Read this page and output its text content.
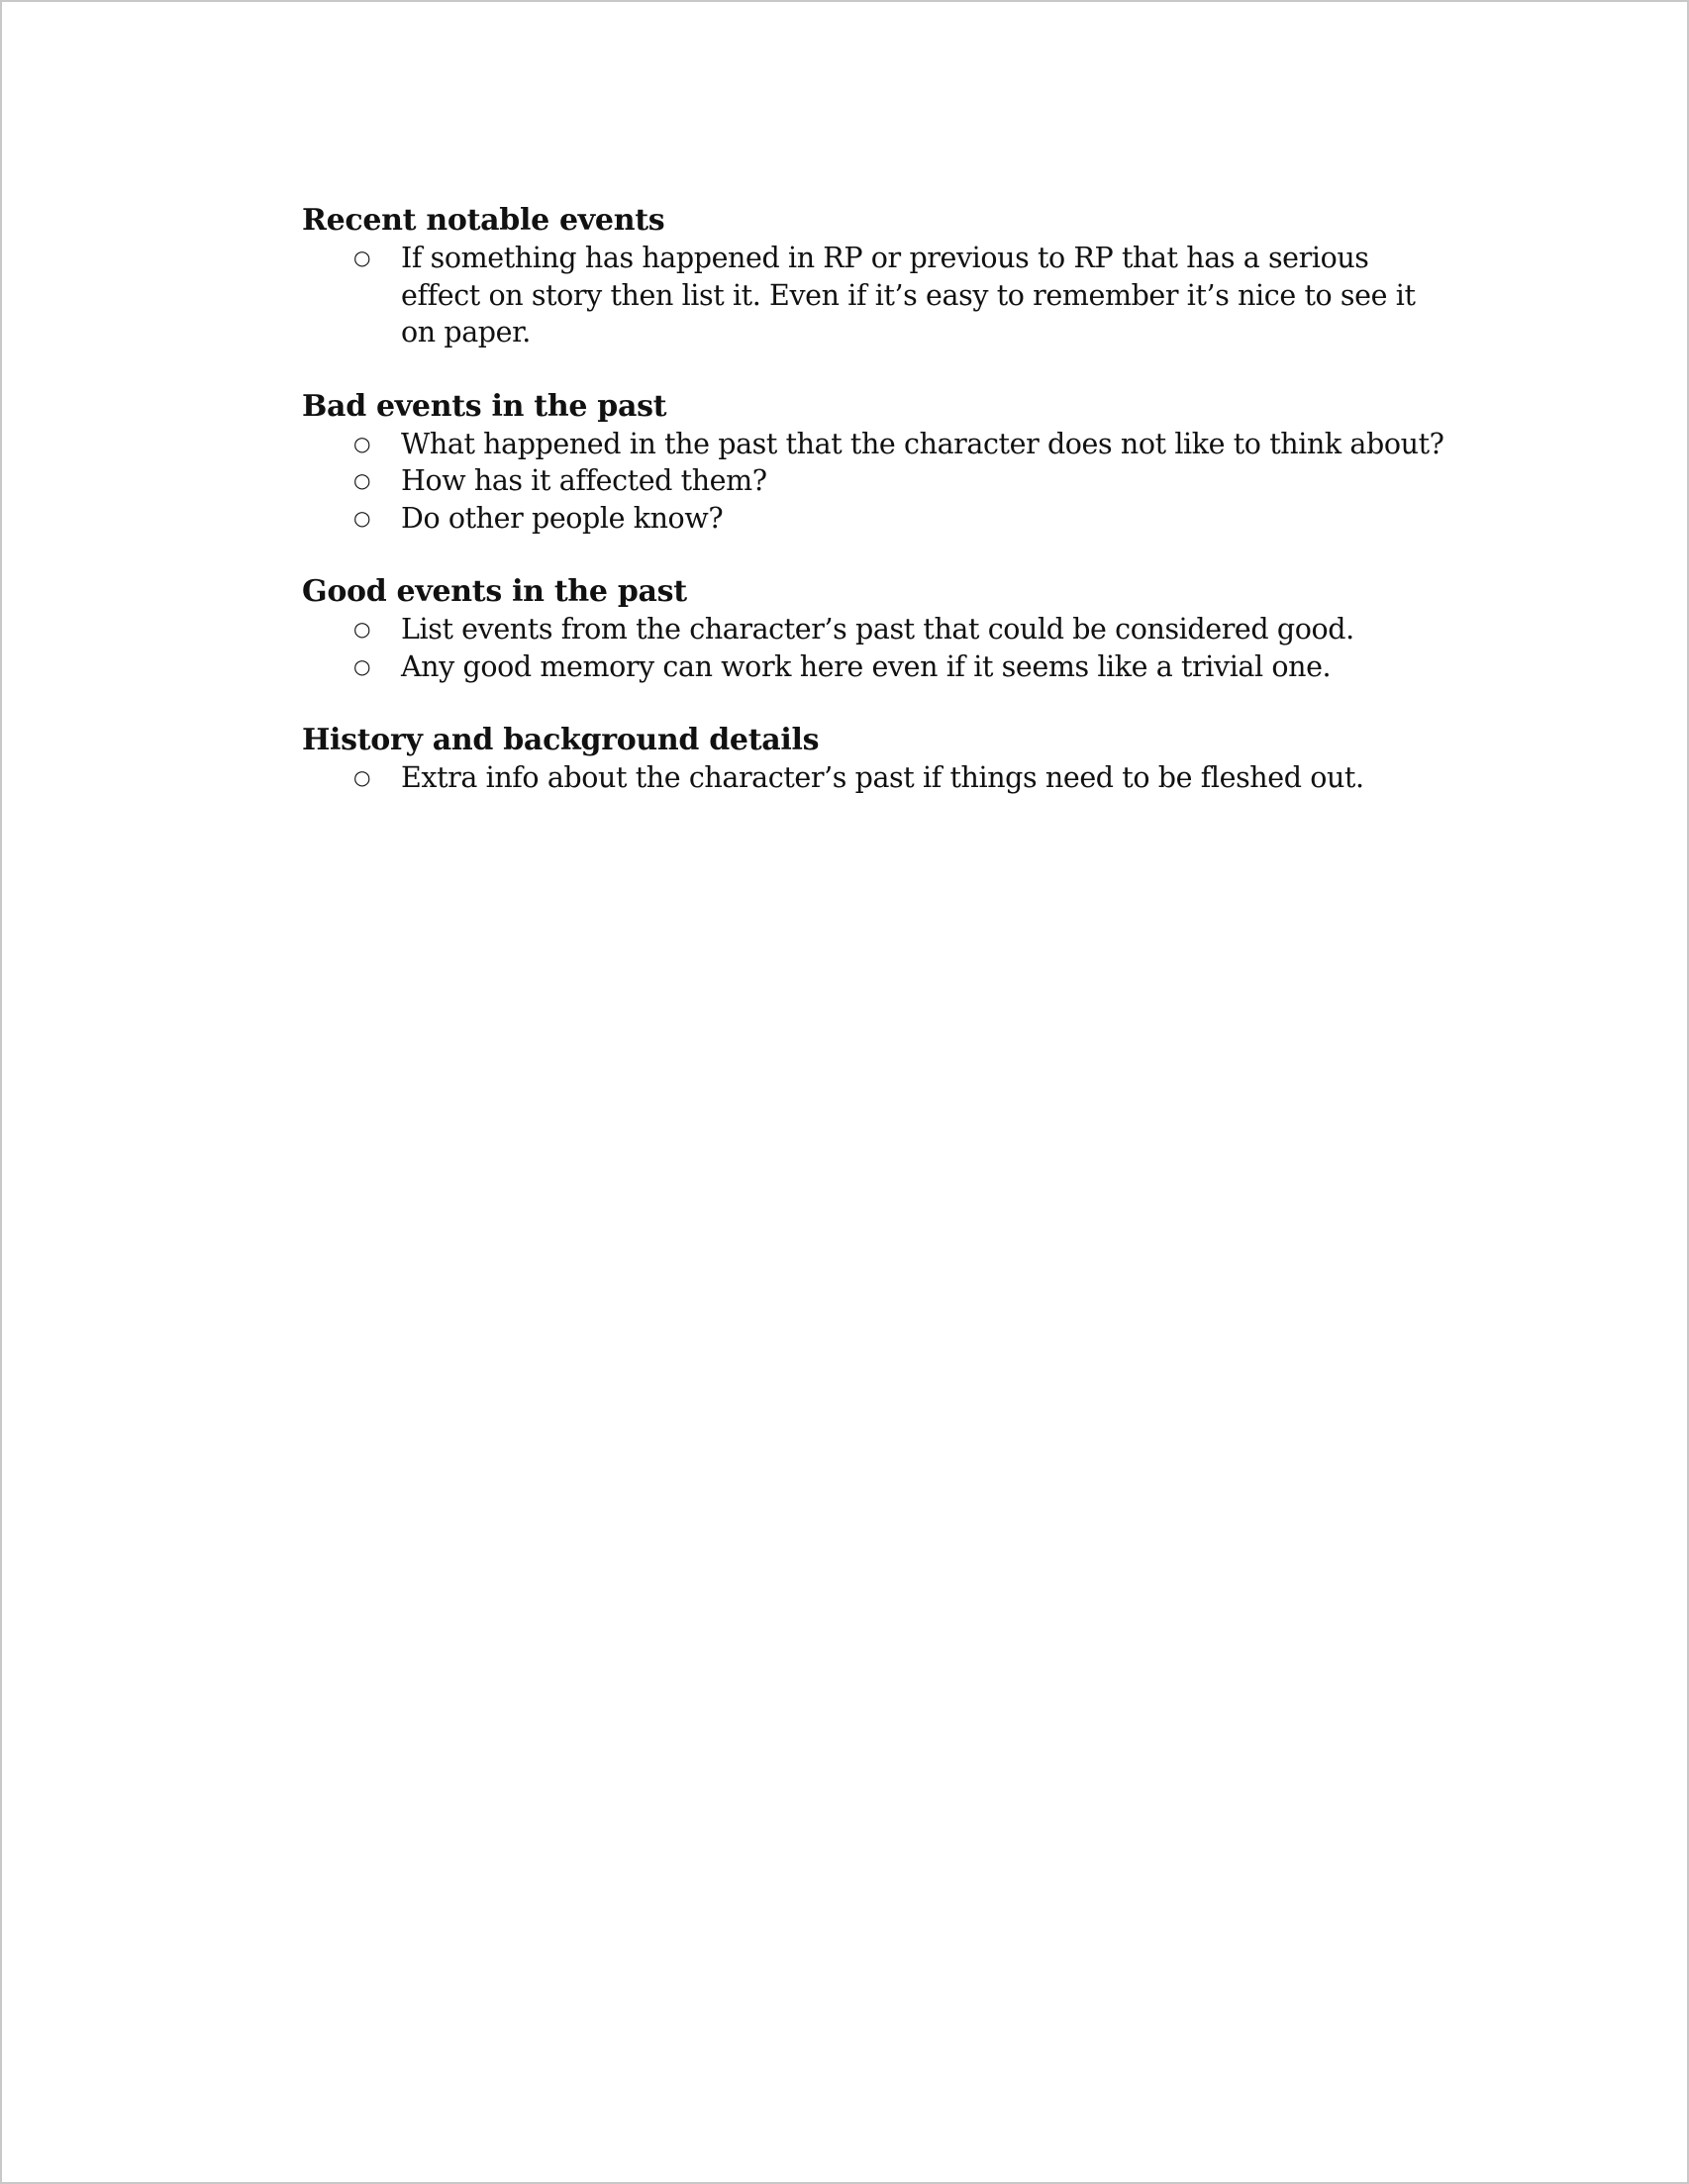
Recent notable events
○ If something has happened in RP or previous to RP that has a serious effect on story then list it. Even if it’s easy to remember it’s nice to see it on paper.
Bad events in the past
○ What happened in the past that the character does not like to think about?
○ How has it affected them?
○ Do other people know?
Good events in the past
○ List events from the character’s past that could be considered good.
○ Any good memory can work here even if it seems like a trivial one.
History and background details
○ Extra info about the character’s past if things need to be fleshed out.
